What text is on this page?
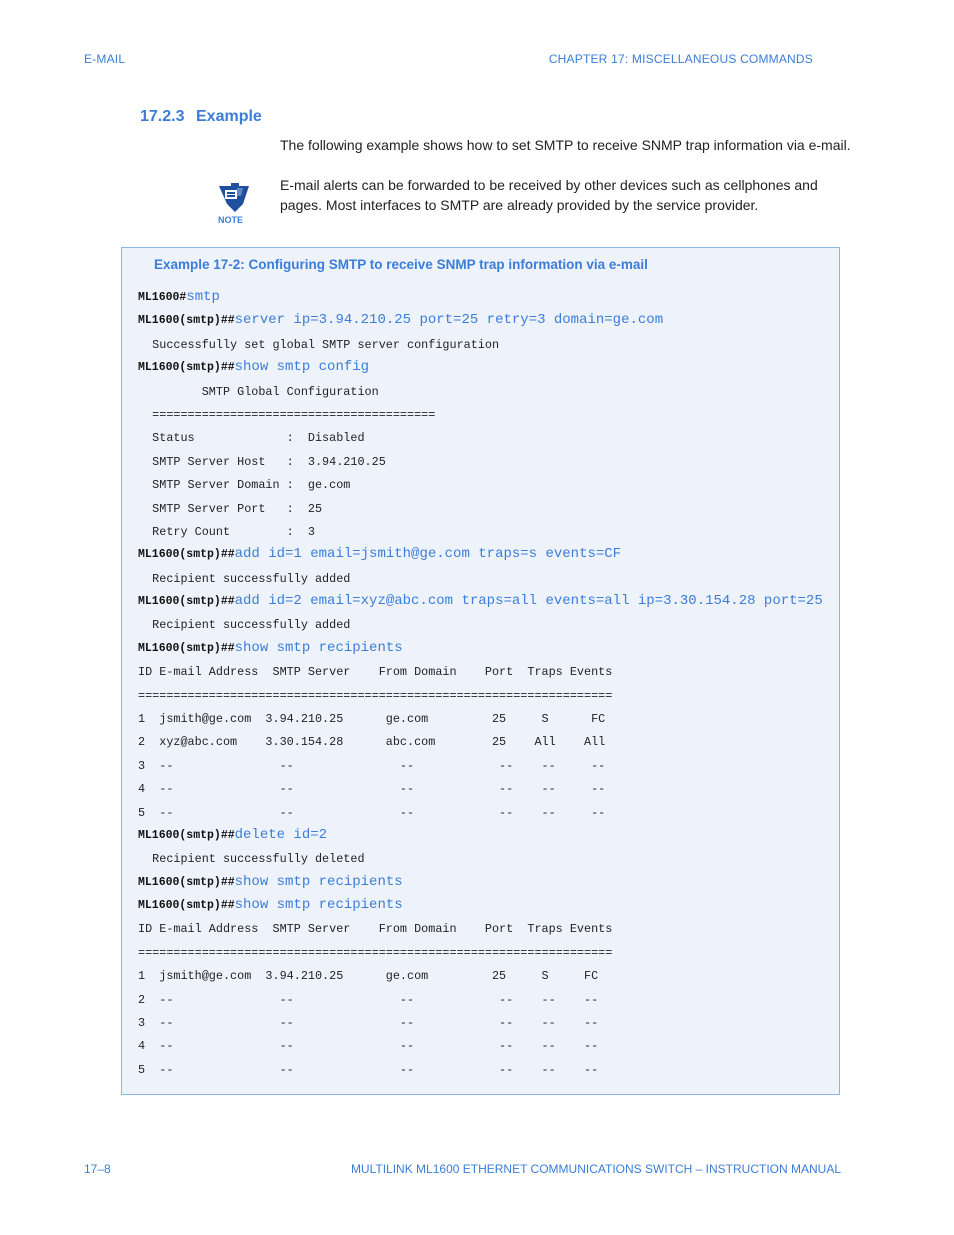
E-MAIL	CHAPTER 17: MISCELLANEOUS COMMANDS
17.2.3 Example
The following example shows how to set SMTP to receive SNMP trap information via e-mail.
NOTE
E-mail alerts can be forwarded to be received by other devices such as cellphones and
pages. Most interfaces to SMTP are already provided by the service provider.
Example 17-2: Configuring SMTP to receive SNMP trap information via e-mail
ML1600#smtp
ML1600(smtp)##server ip=3.94.210.25 port=25 retry=3 domain=ge.com
Successfully set global SMTP server configuration
ML1600(smtp)##show smtp config
SMTP Global Configuration
========================================
Status             :  Disabled
SMTP Server Host   :  3.94.210.25
SMTP Server Domain :  ge.com
SMTP Server Port   :  25
Retry Count        :  3
ML1600(smtp)##add id=1 email=jsmith@ge.com traps=s events=CF
Recipient successfully added
ML1600(smtp)##add id=2 email=xyz@abc.com traps=all events=all ip=3.30.154.28 port=25
Recipient successfully added
ML1600(smtp)##show smtp recipients
ID E-mail Address  SMTP Server    From Domain    Port  Traps Events
===================================================================
1  jsmith@ge.com  3.94.210.25      ge.com         25     S      FC
2  xyz@abc.com    3.30.154.28      abc.com        25    All    All
3  --               --               --            --    --     --
4  --               --               --            --    --     --
5  --               --               --            --    --     --
ML1600(smtp)##delete id=2
Recipient successfully deleted
ML1600(smtp)##show smtp recipients
ML1600(smtp)##show smtp recipients
ID E-mail Address  SMTP Server    From Domain    Port  Traps Events
===================================================================
1  jsmith@ge.com  3.94.210.25      ge.com         25     S     FC
2  --               --               --            --    --    --
3  --               --               --            --    --    --
4  --               --               --            --    --    --
5  --               --               --            --    --    --
17–8	MULTILINK ML1600 ETHERNET COMMUNICATIONS SWITCH – INSTRUCTION MANUAL
